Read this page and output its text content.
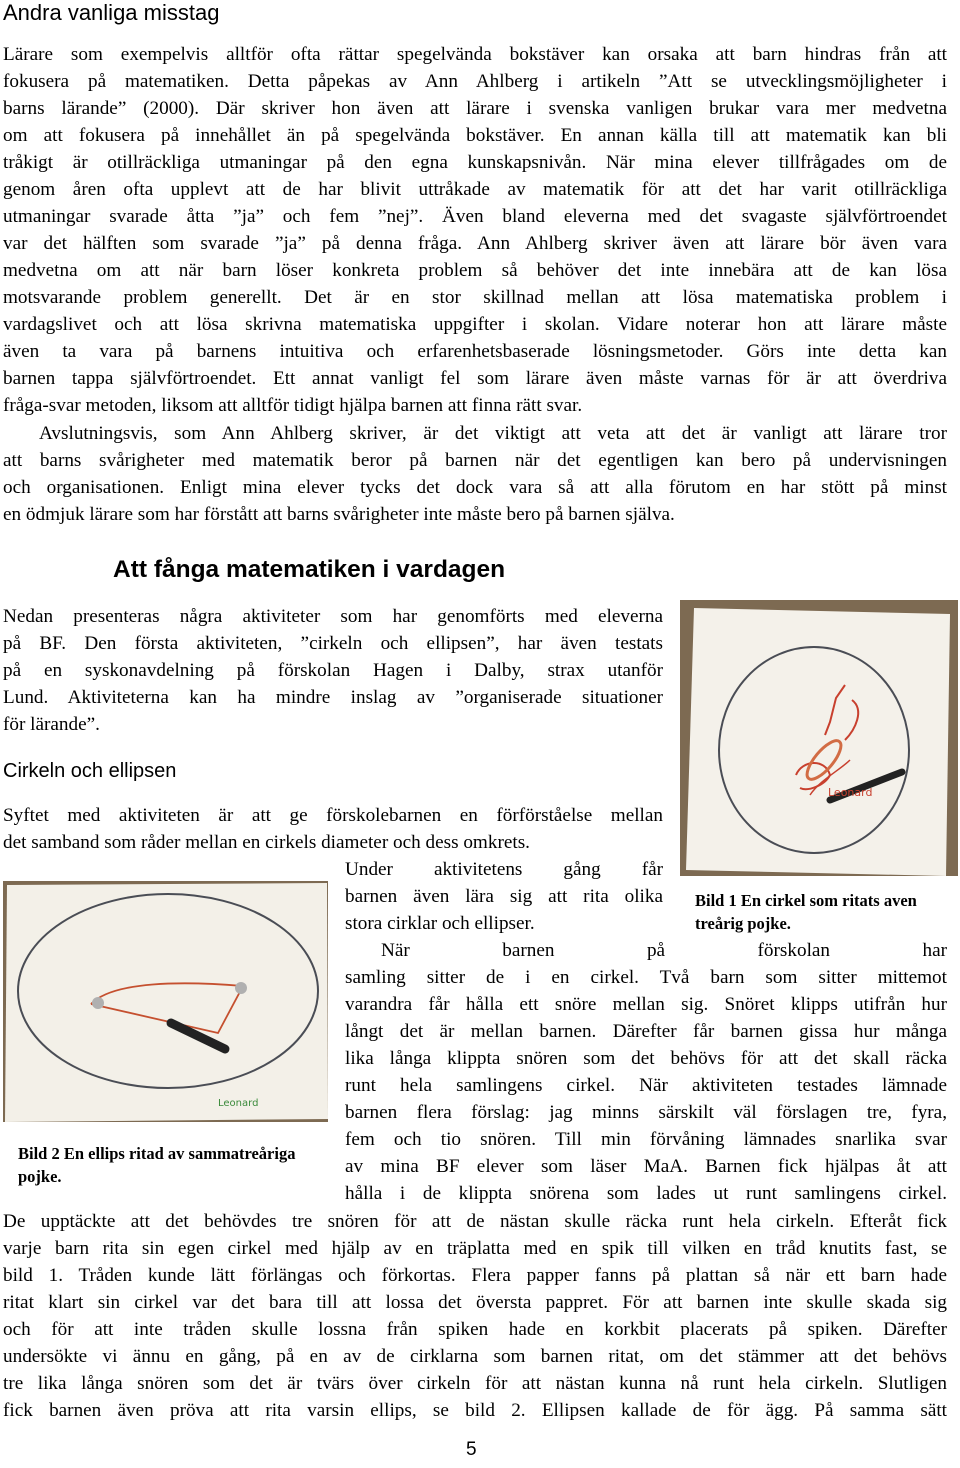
Andra vanliga misstag
Lärare som exempelvis alltför ofta rättar spegelvända bokstäver kan orsaka att barn hindras från att
fokusera på matematiken. Detta påpekas av Ann Ahlberg i artikeln ”Att se utvecklingsmöjligheter i
barns lärande” (2000). Där skriver hon även att lärare i svenska vanligen brukar vara mer medvetna
om att fokusera på innehållet än på spegelvända bokstäver. En annan källa till att matematik kan bli
tråkigt är otillräckliga utmaningar på den egna kunskapsnivån. När mina elever tillfrågades om de
genom åren ofta upplevt att de har blivit uttråkade av matematik för att det har varit otillräckliga
utmaningar svarade åtta ”ja” och fem ”nej”. Även bland eleverna med det svagaste självförtroendet
var det hälften som svarade ”ja” på denna fråga. Ann Ahlberg skriver även att lärare bör även vara
medvetna om att när barn löser konkreta problem så behöver det inte innebära att de kan lösa
motsvarande problem generellt. Det är en stor skillnad mellan att lösa matematiska problem i
vardagslivet och att lösa skrivna matematiska uppgifter i skolan. Vidare noterar hon att lärare måste
även ta vara på barnens intuitiva och erfarenhetsbaserade lösningsmetoder. Görs inte detta kan
barnen tappa självförtroendet. Ett annat vanligt fel som lärare även måste varnas för är att överdriva
fråga-svar metoden, liksom att alltför tidigt hjälpa barnen att finna rätt svar.
Avslutningsvis, som Ann Ahlberg skriver, är det viktigt att veta att det är vanligt att lärare tror
att barns svårigheter med matematik beror på barnen när det egentligen kan bero på undervisningen
och organisationen. Enligt mina elever tycks det dock vara så att alla förutom en har stött på minst
en ödmjuk lärare som har förstått att barns svårigheter inte måste bero på barnen själva.
Att fånga matematiken i vardagen
Nedan presenteras några aktiviteter som har genomförts med eleverna
på BF. Den första aktiviteten, ”cirkeln och ellipsen”, har även testats
på en syskonavdelning på förskolan Hagen i Dalby, strax utanför
Lund. Aktiviteterna kan ha mindre inslag av ”organiserade situationer
för lärande”.
Leonard
Cirkeln och ellipsen
Syftet med aktiviteten är att ge förskolebarnen en förförståelse mellan
det samband som råder mellan en cirkels diameter och dess omkrets.
Under aktivitetens gång får
barnen även lära sig att rita olika
stora cirklar och ellipser.
Bild 1 En cirkel som ritats aven treårig pojke.
Leonard
När barnen på förskolan har
samling sitter de i en cirkel. Två barn som sitter mittemot
varandra får hålla ett snöre mellan sig. Snöret klipps utifrån hur
långt det är mellan barnen. Därefter får barnen gissa hur många
lika långa klippta snören som det behövs för att det skall räcka
runt hela samlingens cirkel. När aktiviteten testades lämnade
barnen flera förslag: jag minns särskilt väl förslagen tre, fyra,
fem och tio snören. Till min förvåning lämnades snarlika svar
av mina BF elever som läser MaA. Barnen fick hjälpas åt att
hålla i de klippta snörena som lades ut runt samlingens cirkel.
Bild 2 En ellips ritad av sammatreåriga pojke.
De upptäckte att det behövdes tre snören för att de nästan skulle räcka runt hela cirkeln. Efteråt fick
varje barn rita sin egen cirkel med hjälp av en träplatta med en spik till vilken en tråd knutits fast, se
bild 1. Tråden kunde lätt förlängas och förkortas. Flera papper fanns på plattan så när ett barn hade
ritat klart sin cirkel var det bara till att lossa det översta pappret. För att barnen inte skulle skada sig
och för att inte tråden skulle lossna från spiken hade en korkbit placerats på spiken. Därefter
undersökte vi ännu en gång, på en av de cirklarna som barnen ritat, om det stämmer att det behövs
tre lika långa snören som det är tvärs över cirkeln för att nästan kunna nå runt hela cirkeln. Slutligen
fick barnen även pröva att rita varsin ellips, se bild 2. Ellipsen kallade de för ägg. På samma sätt
5
